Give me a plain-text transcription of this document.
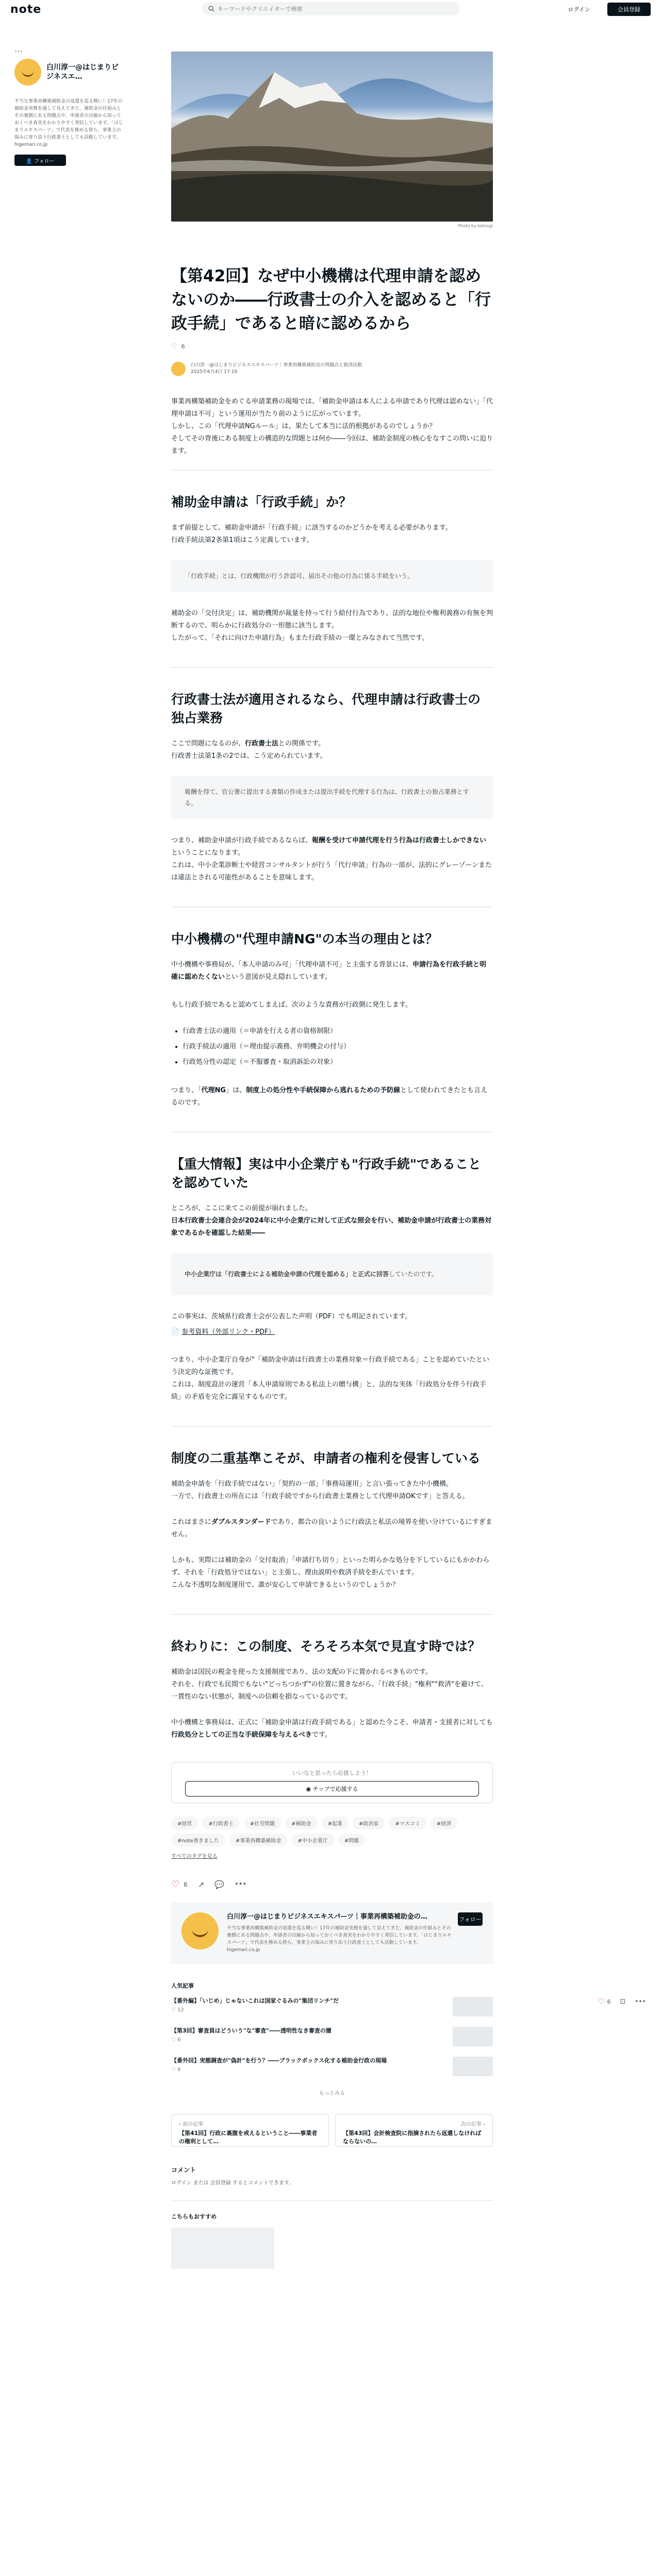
note
キーワードやクリエイターで検索	ログイン	会員登録
•••
白川淳一@はじまりビジネスエ…
不当な事業再構築補助金の返還を巡る戦い！17年の補助金実務を通して見えてきた、補助金の仕組みとその裏側にある問題点や、申請者の目線から知っておくべき真実をわかりやすく発信しています。「はじまりエキスパーツ」で代表を務める傍ら、事業主の悩みに寄り添う行政書士としても活動しています。higemari.co.jp
👤 フォロー
Photo by kohrogi
【第42回】なぜ中小機構は代理申請を認めないのか――行政書士の介入を認めると「行政手続」であると暗に認めるから
♡ 6
白川淳一@はじまりビジネスエキスパーツ｜事業再構築補助金の問題点と救済活動
2025年6月4日 17:19

事業再構築補助金をめぐる申請業務の現場では、「補助金申請は本人による申請であり代理は認めない」「代理申請は不可」という運用が当たり前のように広がっています。

しかし、この「代理申請NGルール」は、果たして本当に法的根拠があるのでしょうか？

そしてその背後にある制度上の構造的な問題とは何か――今回は、補助金制度の核心をなすこの問いに迫ります。

補助金申請は「行政手続」か？

まず前提として、補助金申請が「行政手続」に該当するのかどうかを考える必要があります。

行政手続法第2条第1項はこう定義しています。

「行政手続」とは、行政機関が行う許認可、届出その他の行為に係る手続をいう。

補助金の「交付決定」は、補助機関が裁量を持って行う給付行為であり、法的な地位や権利義務の有無を判断するので、明らかに行政処分の一形態に該当します。

したがって、「それに向けた申請行為」もまた行政手続の一環とみなされて当然です。

行政書士法が適用されるなら、代理申請は行政書士の独占業務

ここで問題になるのが、行政書士法との関係です。

行政書士法第1条の2では、こう定められています。

報酬を得て、官公署に提出する書類の作成または提出手続を代理する行為は、行政書士の独占業務とする。

つまり、補助金申請が行政手続であるならば、報酬を受けて申請代理を行う行為は行政書士しかできないということになります。

これは、中小企業診断士や経営コンサルタントが行う「代行申請」行為の一部が、法的にグレーゾーンまたは違法とされる可能性があることを意味します。

中小機構の"代理申請NG"の本当の理由とは？

中小機構や事務局が、「本人申請のみ可」「代理申請不可」と主張する背景には、申請行為を行政手続と明確に認めたくないという意図が見え隠れしています。

もし行政手続であると認めてしまえば、次のような責務が行政側に発生します。

• 行政書士法の適用（＝申請を行える者の資格制限）
• 行政手続法の適用（＝理由提示義務、弁明機会の付与）
• 行政処分性の認定（＝不服審査・取消訴訟の対象）

つまり、「代理NG」は、制度上の処分性や手続保障から逃れるための予防線として使われてきたとも言えるのです。

【重大情報】実は中小企業庁も"行政手続"であることを認めていた

ところが、ここに来てこの前提が崩れました。

日本行政書士会連合会が2024年に中小企業庁に対して正式な照会を行い、補助金申請が行政書士の業務対象であるかを確認した結果――

中小企業庁は「行政書士による補助金申請の代理を認める」と正式に回答していたのです。

この事実は、茨城県行政書士会が公表した声明（PDF）でも明記されています。

📄 参考資料（外部リンク・PDF）

つまり、中小企業庁自身が"「補助金申請は行政書士の業務対象＝行政手続である」ことを認めていたという決定的な証拠です。

これは、制度設計の運営「本人申請原則である私法上の贈与構」と、法的な実体「行政処分を伴う行政手続」の矛盾を完全に露呈するものです。

制度の二重基準こそが、申請者の権利を侵害している

補助金申請を「行政手続ではない」「契約の一部」「事務局運用」と言い張ってきた中小機構。

一方で、行政書士の所在には「行政手続ですから行政書士業務として代理申請OKです」と答える。

これはまさにダブルスタンダードであり、都合の良いように行政法と私法の境界を使い分けているにすぎません。

しかも、実際には補助金の「交付取消」「申請打ち切り」といった明らかな処分を下しているにもかかわらず、それを「行政処分ではない」と主張し、理由説明や救済手続を拒んでいます。

こんな不透明な制度運用で、誰が安心して申請できるというのでしょうか？

終わりに：この制度、そろそろ本気で見直す時では？

補助金は国民の税金を使った支援制度であり、法の支配の下に置かれるべきものです。

それを、行政でも民間でもない"どっちつかず"の位置に置きながら、「行政手続」"権利""救済"を避けて、一貫性のない状態が、制度への信頼を損なっているのです。

中小機構と事務局は、正式に「補助金申請は行政手続である」と認めた今こそ、申請者・支援者に対しても行政処分としての正当な手続保障を与えるべきです。

いいなと思ったら応援しよう！
◉ チップで応援する
#経営	#行政書士	#社労問題	#補助金	#起業	#政治家	#マスコミ	#経済
#note書きました	#事業再構築補助金	#中小企業庁	#問題
すべてのタグを見る
♡ 6 ↗ 💬 •••
白川淳一@はじまりビジネスエキスパーツ｜事業再構築補助金の…
不当な事業再構築補助金の返還を巡る戦い！17年の補助金実務を通して見えてきた、補助金の仕組みとその裏側にある問題点や、申請者の目線から知っておくべき真実をわかりやすく発信しています。「はじまりエキスパーツ」で代表を務める傍ら、事業主の悩みに寄り添う行政書士としても活動しています。higemari.co.jp
フォロー
人気記事
【番外編】「いじめ」じゃないこれは国家ぐるみの"集団リンチ"だ
♡ 12
【第3回】審査員はどういう"な"審査"――透明性なき審査の闇
♡ 6
【番外回】実態調査が"偽計"を行う？――ブラックボックス化する補助金行政の現場
♡ 9
もっとみる
‹ 前の記事
【第41回】行政に裏腹を戒えるということ――事業者の権利として…
次の記事 ›
【第43回】会計検査院に指摘されたら返還しなければならないの…
コメント
ログイン または 会員登録 するとコメントできます。
こちらもおすすめ
♡ 6 ⊡ •••
